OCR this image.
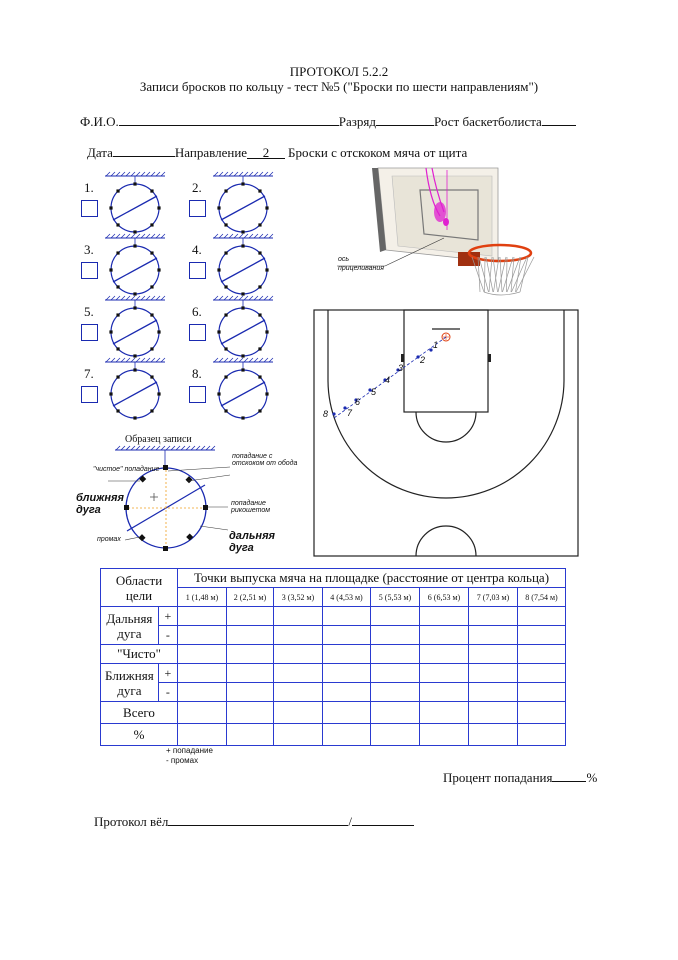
ПРОТОКОЛ 5.2.2
Записи бросков по кольцу - тест №5 ("Броски по шести направлениям")
Ф.И.О.	Разряд	Рост баскетболиста
Дата	Направление 2 Броски с отскоком мяча от щита
1.	2.
3.	4.
5.	6.
7.	8.
Образец записи
"чистое" попадание
попадание с отскоком от обода
ближняя дуга
попадание рикошетом
промах	дальняя дуга
ось прицеливания
1
2
3
4
5
6
7
8
Области цели		Точки выпуска мяча на площадке (расстояние от центра кольца)							
		1 (1,48 м)	2 (2,51 м)	3 (3,52 м)	4 (4,53 м)	5 (5,53 м)	6 (6,53 м)	7 (7,03 м)	8 (7,54 м)
Дальняя дуга	+								
	-								
"Чисто"									
Ближняя дуга	+								
	-								
Всего									
%									
+ попадание
- промах
Процент попадания	%
Протокол вёл	/
